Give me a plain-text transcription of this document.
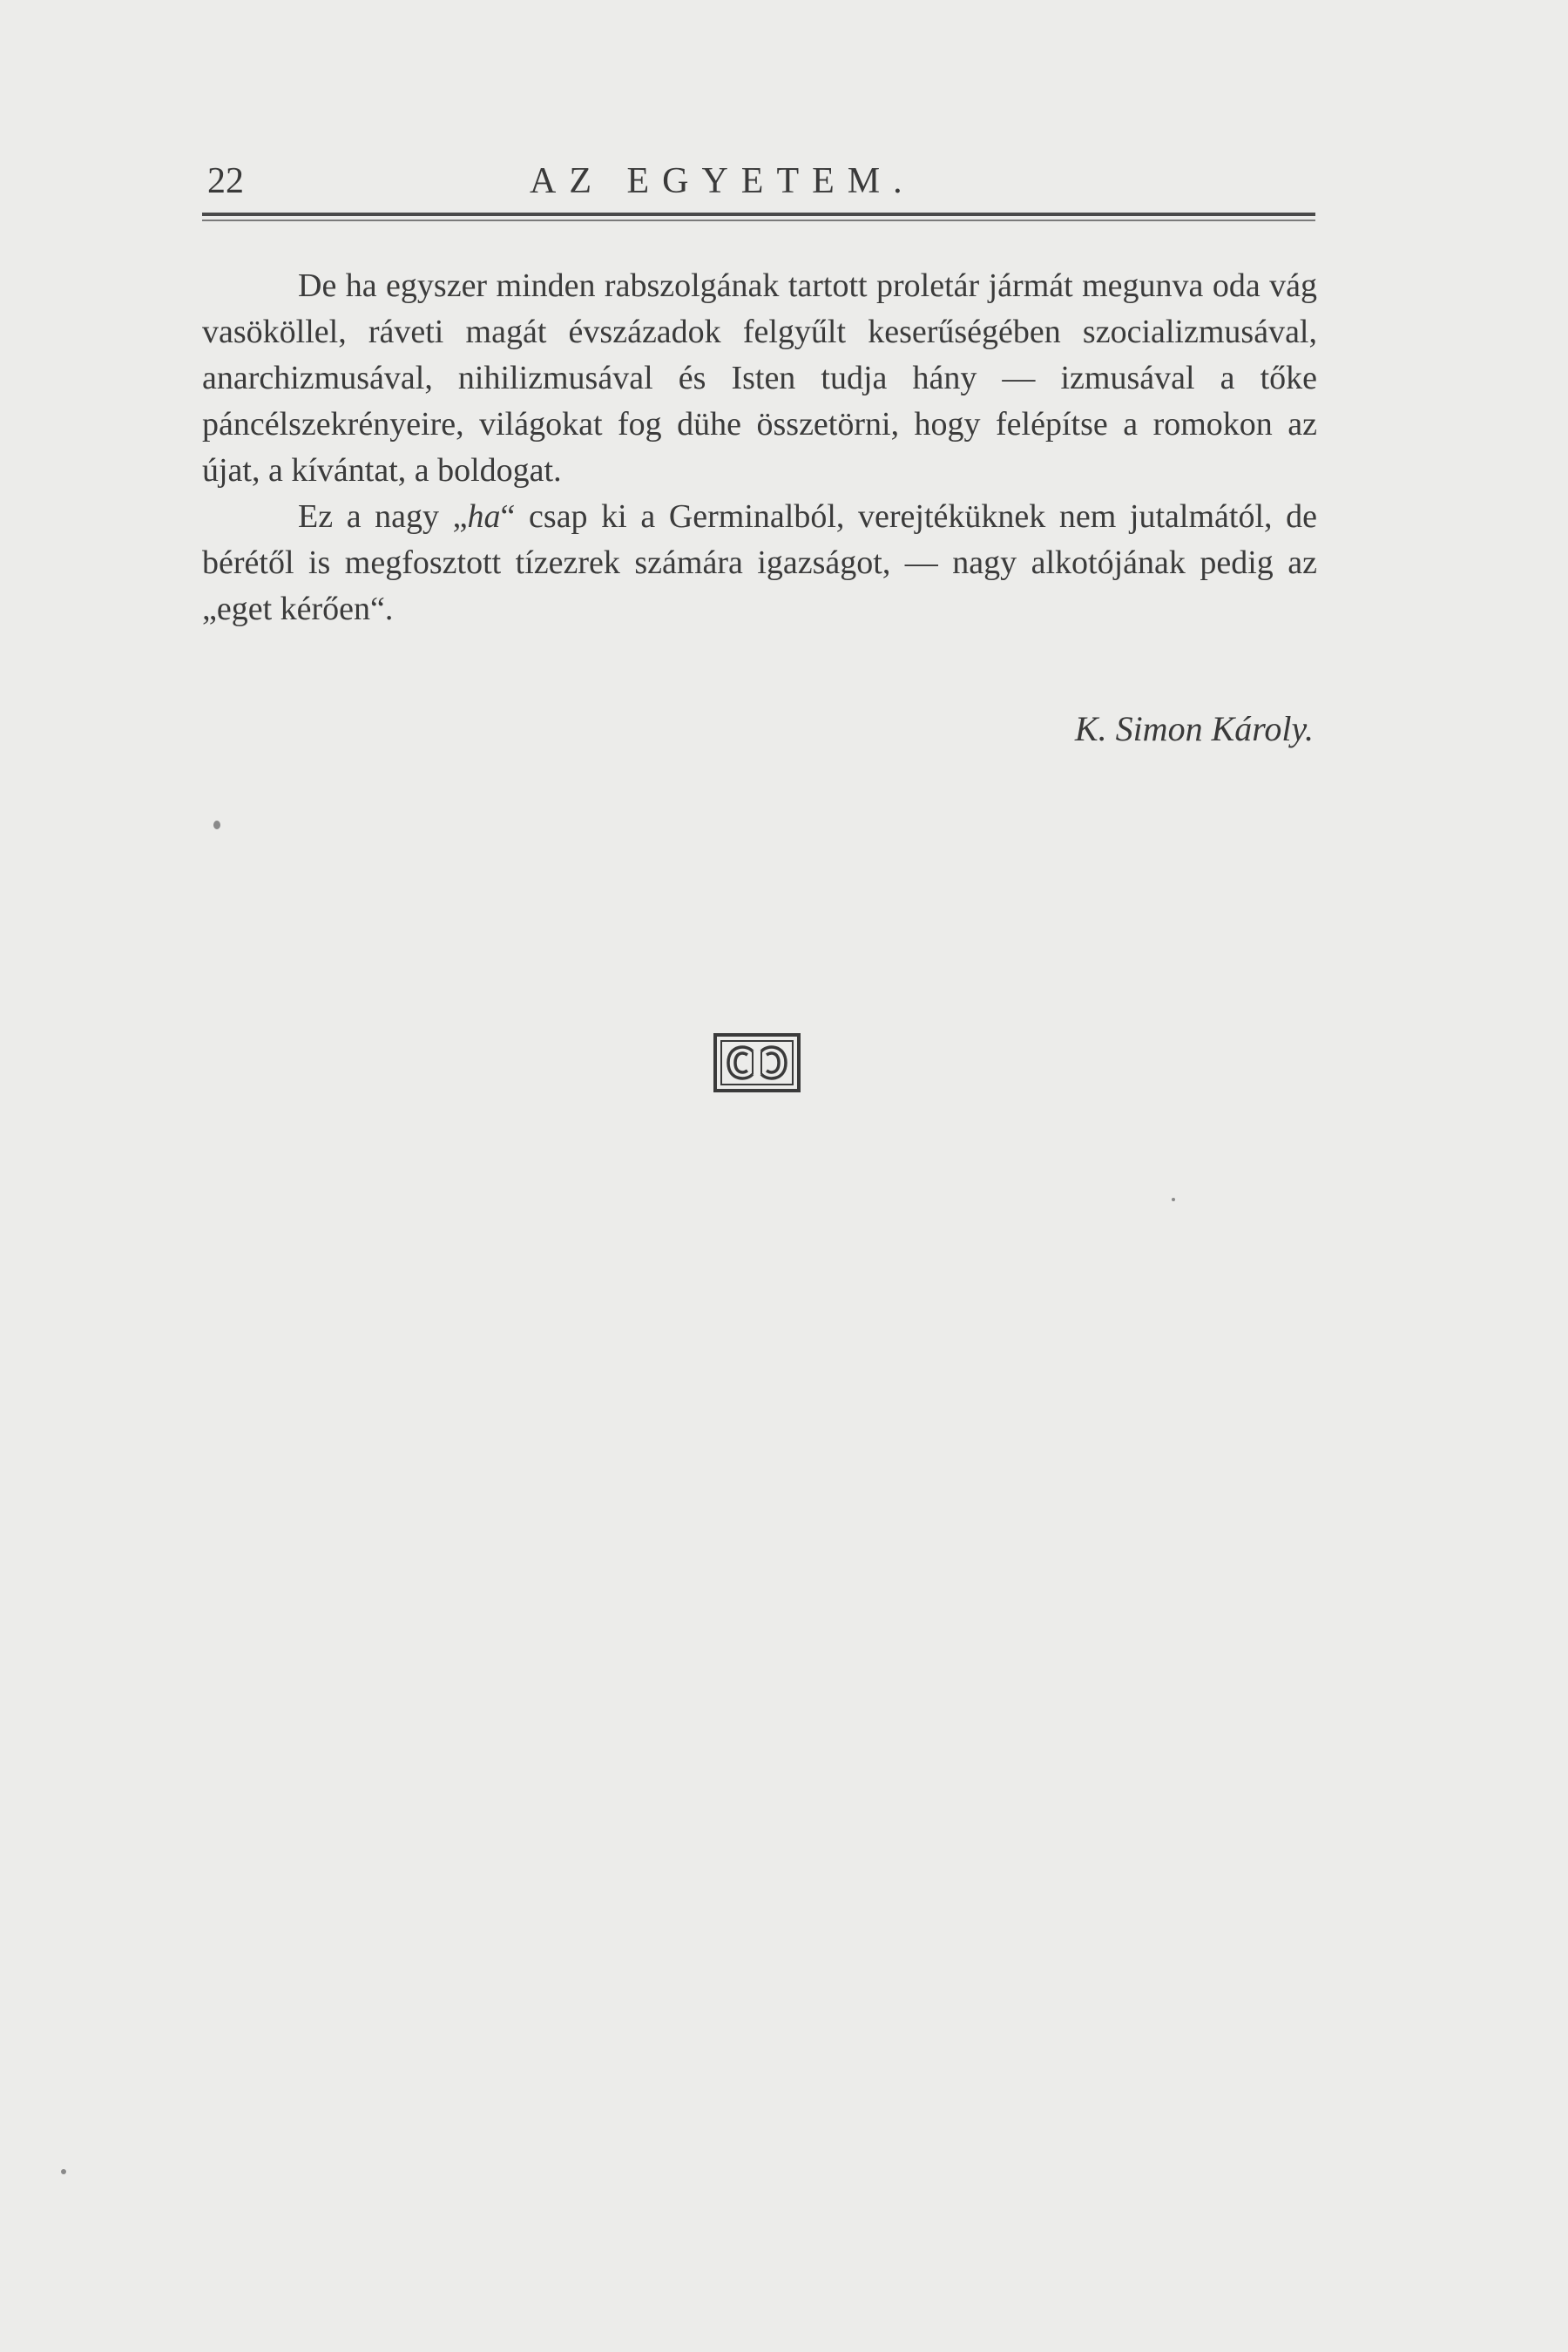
22	AZ EGYETEM.

De ha egyszer minden rabszolgának tartott proletár jármát megunva oda vág vasököllel, ráveti magát évszázadok felgyűlt keserűségében szocializmusával, anarchizmusával, nihilizmusával és Isten tudja hány — izmusával a tőke páncélszekrényeire, világokat fog dühe összetörni, hogy felépítse a romokon az újat, a kívántat, a boldogat.

Ez a nagy „ha“ csap ki a Germinalból, verejtéküknek nem jutalmától, de bérétől is megfosztott tízezrek számára igazságot, — nagy alkotójának pedig az „eget kérően“.

K. Simon Károly.
